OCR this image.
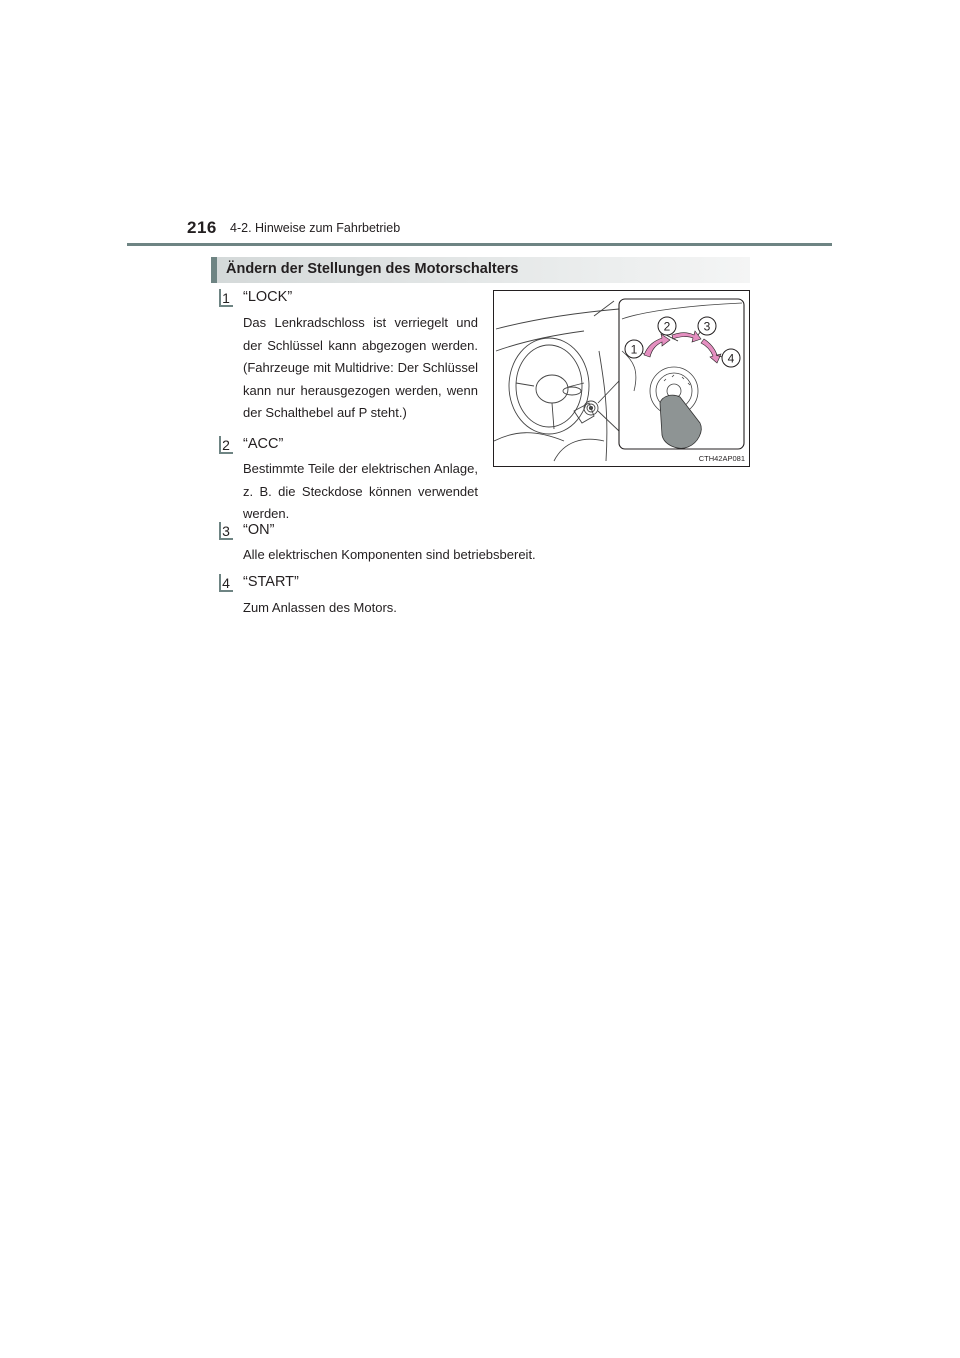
216 4-2. Hinweise zum Fahrbetrieb
Ändern der Stellungen des Motorschalters
1 “LOCK”
Das Lenkradschloss ist verriegelt und der Schlüssel kann abgezogen werden. (Fahrzeuge mit Multidrive: Der Schlüssel kann nur herausgezogen werden, wenn der Schalthebel auf P steht.)
2 “ACC”
Bestimmte Teile der elektrischen Anlage, z. B. die Steckdose können verwendet werden.
3 “ON”
Alle elektrischen Komponenten sind betriebsbereit.
4 “START”
Zum Anlassen des Motors.
1
2	3
4
CTH42AP081
